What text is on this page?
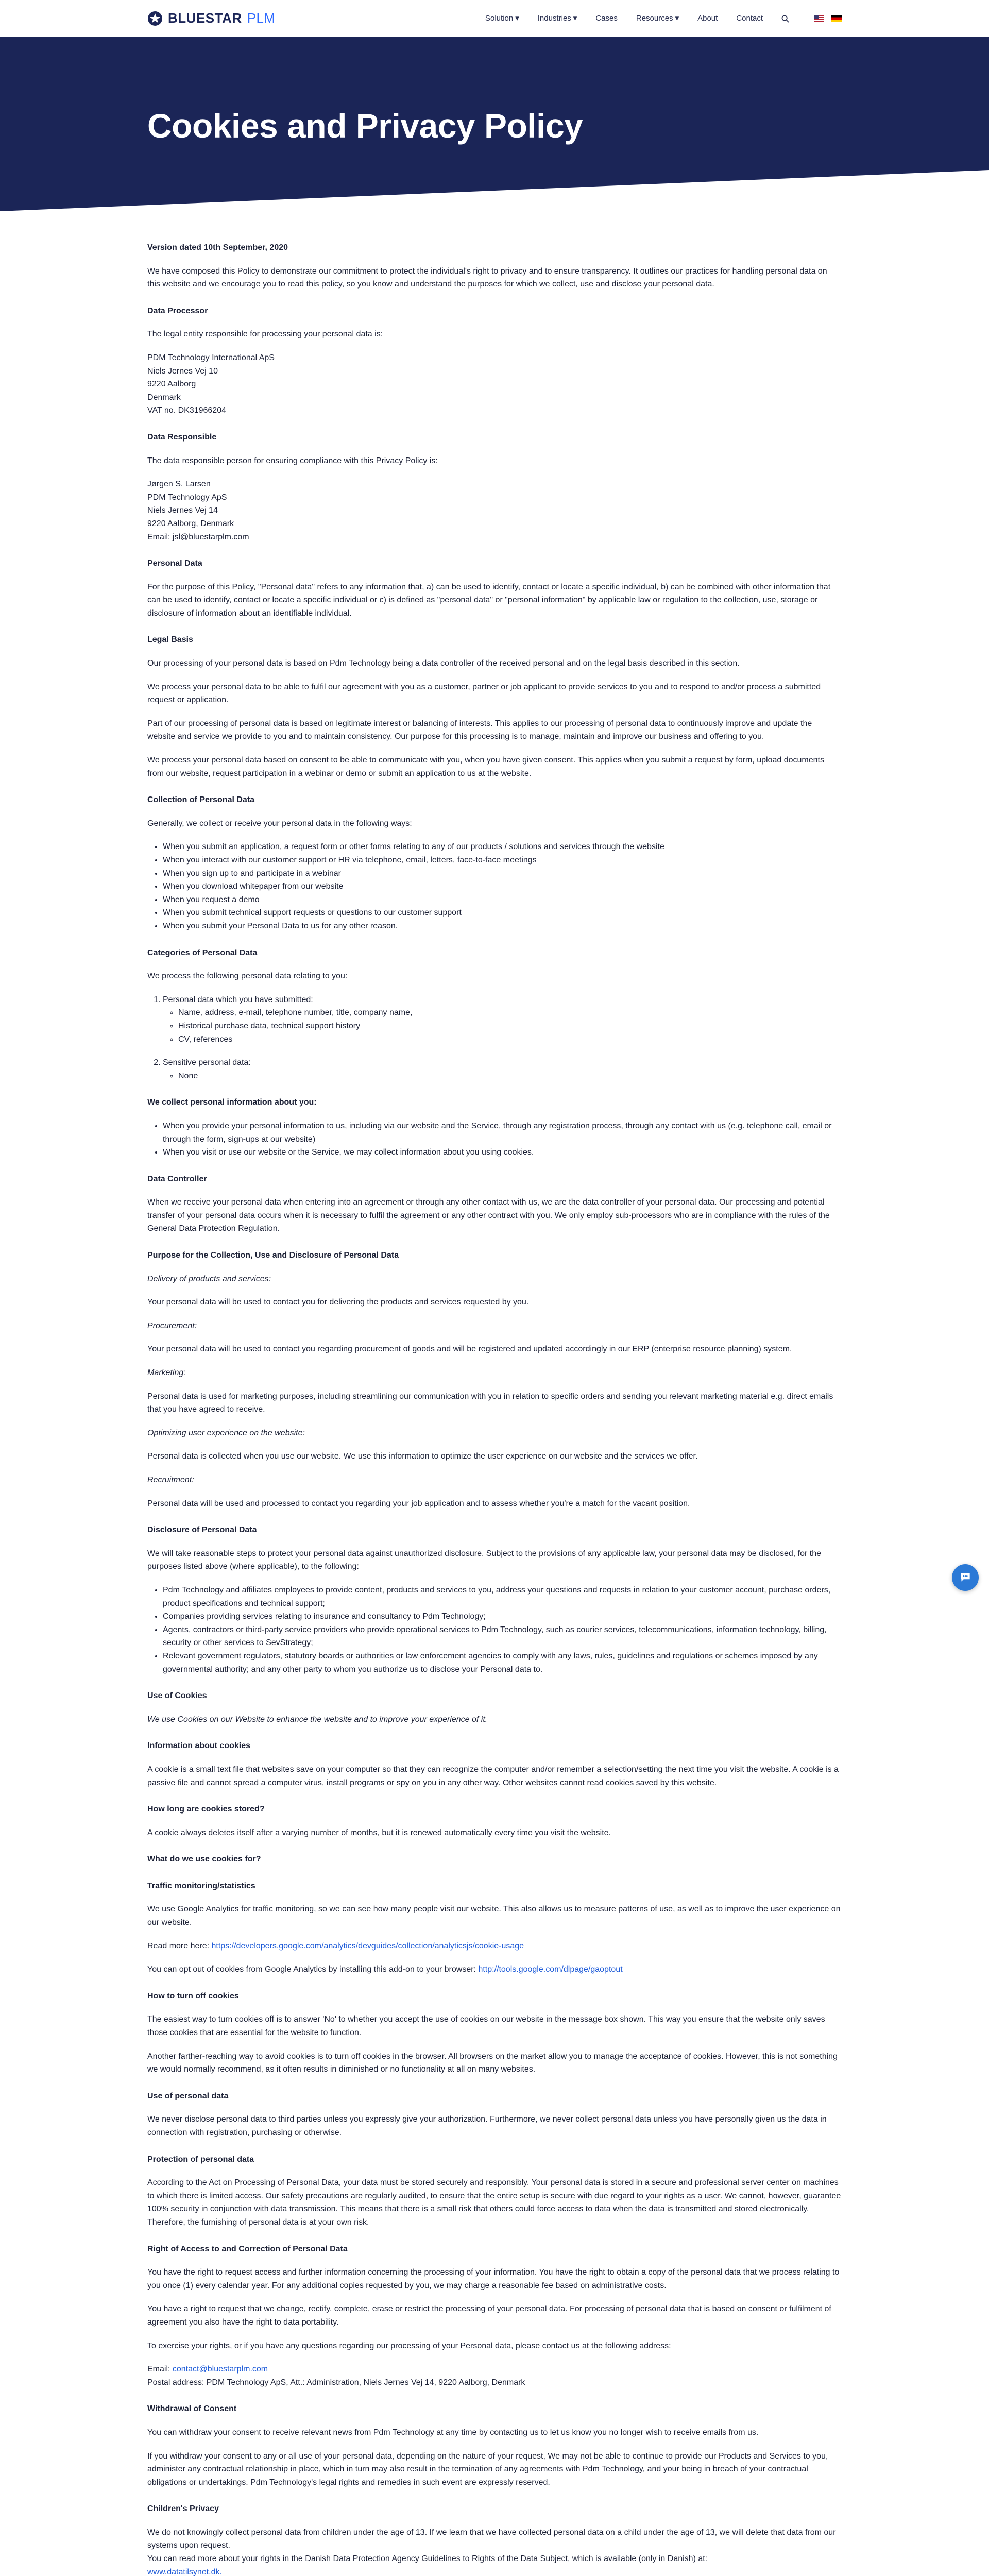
BLUESTAR PLM	Solution ▾ Industries ▾ Cases Resources ▾ About Contact
Cookies and Privacy Policy
Version dated 10th September, 2020

We have composed this Policy to demonstrate our commitment to protect the individual's right to privacy and to ensure transparency. It outlines our practices for handling personal data on this website and we encourage you to read this policy, so you know and understand the purposes for which we collect, use and disclose your personal data.

Data Processor

The legal entity responsible for processing your personal data is:

PDM Technology International ApS
Niels Jernes Vej 10
9220 Aalborg
Denmark
VAT no. DK31966204
Data Responsible

The data responsible person for ensuring compliance with this Privacy Policy is:

Jørgen S. Larsen
PDM Technology ApS
Niels Jernes Vej 14
9220 Aalborg, Denmark
Email: jsl@bluestarplm.com
Personal Data

For the purpose of this Policy, "Personal data" refers to any information that, a) can be used to identify, contact or locate a specific individual, b) can be combined with other information that can be used to identify, contact or locate a specific individual or c) is defined as "personal data" or "personal information" by applicable law or regulation to the collection, use, storage or disclosure of information about an identifiable individual.

Legal Basis

Our processing of your personal data is based on Pdm Technology being a data controller of the received personal and on the legal basis described in this section.

We process your personal data to be able to fulfil our agreement with you as a customer, partner or job applicant to provide services to you and to respond to and/or process a submitted request or application.

Part of our processing of personal data is based on legitimate interest or balancing of interests. This applies to our processing of personal data to continuously improve and update the website and service we provide to you and to maintain consistency. Our purpose for this processing is to manage, maintain and improve our business and offering to you.

We process your personal data based on consent to be able to communicate with you, when you have given consent. This applies when you submit a request by form, upload documents from our website, request participation in a webinar or demo or submit an application to us at the website.

Collection of Personal Data

Generally, we collect or receive your personal data in the following ways:

• When you submit an application, a request form or other forms relating to any of our products / solutions and services through the website
• When you interact with our customer support or HR via telephone, email, letters, face-to-face meetings
• When you sign up to and participate in a webinar
• When you download whitepaper from our website
• When you request a demo
• When you submit technical support requests or questions to our customer support
• When you submit your Personal Data to us for any other reason.
Categories of Personal Data

We process the following personal data relating to you:

1. Personal data which you have submitted:
◦ Name, address, e-mail, telephone number, title, company name,
◦ Historical purchase data, technical support history
◦ CV, references
2. Sensitive personal data:
◦ None
We collect personal information about you:
• When you provide your personal information to us, including via our website and the Service, through any registration process, through any contact with us (e.g. telephone call, email or through the form, sign-ups at our website)
• When you visit or use our website or the Service, we may collect information about you using cookies.
Data Controller

When we receive your personal data when entering into an agreement or through any other contact with us, we are the data controller of your personal data. Our processing and potential transfer of your personal data occurs when it is necessary to fulfil the agreement or any other contract with you. We only employ sub-processors who are in compliance with the rules of the General Data Protection Regulation.

Purpose for the Collection, Use and Disclosure of Personal Data

Delivery of products and services:

Your personal data will be used to contact you for delivering the products and services requested by you.

Procurement:

Your personal data will be used to contact you regarding procurement of goods and will be registered and updated accordingly in our ERP (enterprise resource planning) system.

Marketing:

Personal data is used for marketing purposes, including streamlining our communication with you in relation to specific orders and sending you relevant marketing material e.g. direct emails that you have agreed to receive.

Optimizing user experience on the website:

Personal data is collected when you use our website. We use this information to optimize the user experience on our website and the services we offer.

Recruitment:

Personal data will be used and processed to contact you regarding your job application and to assess whether you're a match for the vacant position.

Disclosure of Personal Data

We will take reasonable steps to protect your personal data against unauthorized disclosure. Subject to the provisions of any applicable law, your personal data may be disclosed, for the purposes listed above (where applicable), to the following:

• Pdm Technology and affiliates employees to provide content, products and services to you, address your questions and requests in relation to your customer account, purchase orders, product specifications and technical support;
• Companies providing services relating to insurance and consultancy to Pdm Technology;
• Agents, contractors or third-party service providers who provide operational services to Pdm Technology, such as courier services, telecommunications, information technology, billing, security or other services to SevStrategy;
• Relevant government regulators, statutory boards or authorities or law enforcement agencies to comply with any laws, rules, guidelines and regulations or schemes imposed by any governmental authority; and any other party to whom you authorize us to disclose your Personal data to.
Use of Cookies

We use Cookies on our Website to enhance the website and to improve your experience of it.

Information about cookies

A cookie is a small text file that websites save on your computer so that they can recognize the computer and/or remember a selection/setting the next time you visit the website. A cookie is a passive file and cannot spread a computer virus, install programs or spy on you in any other way. Other websites cannot read cookies saved by this website.

How long are cookies stored?

A cookie always deletes itself after a varying number of months, but it is renewed automatically every time you visit the website.

What do we use cookies for?
Traffic monitoring/statistics

We use Google Analytics for traffic monitoring, so we can see how many people visit our website. This also allows us to measure patterns of use, as well as to improve the user experience on our website.

Read more here: https://developers.google.com/analytics/devguides/collection/analyticsjs/cookie-usage

You can opt out of cookies from Google Analytics by installing this add-on to your browser: http://tools.google.com/dlpage/gaoptout

How to turn off cookies

The easiest way to turn cookies off is to answer 'No' to whether you accept the use of cookies on our website in the message box shown. This way you ensure that the website only saves those cookies that are essential for the website to function.

Another farther-reaching way to avoid cookies is to turn off cookies in the browser. All browsers on the market allow you to manage the acceptance of cookies. However, this is not something we would normally recommend, as it often results in diminished or no functionality at all on many websites.

Use of personal data

We never disclose personal data to third parties unless you expressly give your authorization. Furthermore, we never collect personal data unless you have personally given us the data in connection with registration, purchasing or otherwise.

Protection of personal data

According to the Act on Processing of Personal Data, your data must be stored securely and responsibly. Your personal data is stored in a secure and professional server center on machines to which there is limited access. Our safety precautions are regularly audited, to ensure that the entire setup is secure with due regard to your rights as a user. We cannot, however, guarantee 100% security in conjunction with data transmission. This means that there is a small risk that others could force access to data when the data is transmitted and stored electronically. Therefore, the furnishing of personal data is at your own risk.

Right of Access to and Correction of Personal Data

You have the right to request access and further information concerning the processing of your information. You have the right to obtain a copy of the personal data that we process relating to you once (1) every calendar year. For any additional copies requested by you, we may charge a reasonable fee based on administrative costs.

You have a right to request that we change, rectify, complete, erase or restrict the processing of your personal data. For processing of personal data that is based on consent or fulfilment of agreement you also have the right to data portability.

To exercise your rights, or if you have any questions regarding our processing of your Personal data, please contact us at the following address:

Email: contact@bluestarplm.com
Postal address: PDM Technology ApS, Att.: Administration, Niels Jernes Vej 14, 9220 Aalborg, Denmark
Withdrawal of Consent

You can withdraw your consent to receive relevant news from Pdm Technology at any time by contacting us to let us know you no longer wish to receive emails from us.

If you withdraw your consent to any or all use of your personal data, depending on the nature of your request, We may not be able to continue to provide our Products and Services to you, administer any contractual relationship in place, which in turn may also result in the termination of any agreements with Pdm Technology, and your being in breach of your contractual obligations or undertakings. Pdm Technology's legal rights and remedies in such event are expressly reserved.

Children's Privacy
We do not knowingly collect personal data from children under the age of 13. If we learn that we have collected personal data on a child under the age of 13, we will delete that data from our systems upon request.
You can read more about your rights in the Danish Data Protection Agency Guidelines to Rights of the Data Subject, which is available (only in Danish) at:
www.datatilsynet.dk.
